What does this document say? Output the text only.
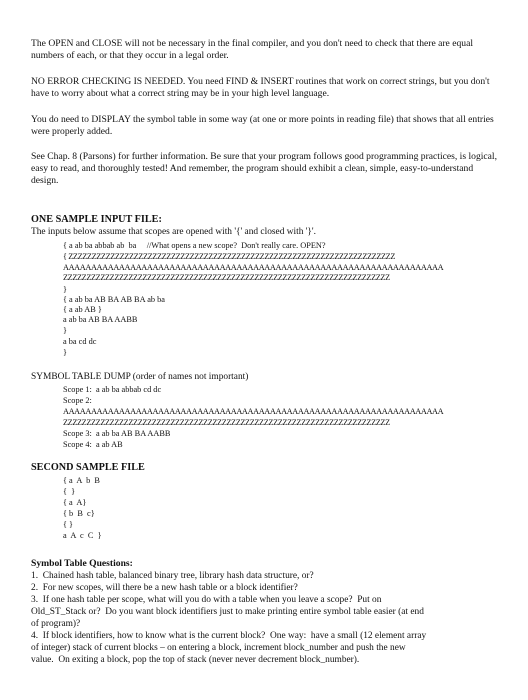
The OPEN and CLOSE will not be necessary in the final compiler, and you don't need to check that there are equal numbers of each, or that they occur in a legal order.
NO ERROR CHECKING IS NEEDED. You need FIND & INSERT routines that work on correct strings, but you don't have to worry about what a correct string may be in your high level language.
You do need to DISPLAY the symbol table in some way (at one or more points in reading file) that shows that all entries were properly added.
See Chap. 8 (Parsons) for further information. Be sure that your program follows good programming practices, is logical, easy to read, and thoroughly tested! And remember, the program should exhibit a clean, simple, easy-to-understand design.
ONE SAMPLE INPUT FILE:
The inputs below assume that scopes are opened with '{' and closed with '}'.
{ a ab ba abbab ab  ba     //What opens a new scope?  Don't really care. OPEN?
{ ZZZZZZZZZZZZZZZZZZZZZZZZZZZZZZZZZZZZZZZZZZZZZZZZZZZZZZZZZZZZZZZZZZZZZZ
AAAAAAAAAAAAAAAAAAAAAAAAAAAAAAAAAAAAAAAAAAAAAAAAAAAAAAAAAAAAAAAAAAAA
ZZZZZZZZZZZZZZZZZZZZZZZZZZZZZZZZZZZZZZZZZZZZZZZZZZZZZZZZZZZZZZZZZZZZZZ
}
{ a ab ba AB BA AB BA ab ba
{ a ab AB }
a ab ba AB BA AABB
}
a ba cd dc
}
SYMBOL TABLE DUMP (order of names not important)
Scope 1:  a ab ba abbab cd dc
Scope 2:
AAAAAAAAAAAAAAAAAAAAAAAAAAAAAAAAAAAAAAAAAAAAAAAAAAAAAAAAAAAAAAAAAAAA
ZZZZZZZZZZZZZZZZZZZZZZZZZZZZZZZZZZZZZZZZZZZZZZZZZZZZZZZZZZZZZZZZZZZZZZ
Scope 3:  a ab ba AB BA AABB
Scope 4:  a ab AB
SECOND SAMPLE FILE
{ a  A  b  B
{  }
{ a  A}
{ b  B  c}
{ }
a  A  c  C  }
Symbol Table Questions:
1.  Chained hash table, balanced binary tree, library hash data structure, or?
2.  For new scopes, will there be a new hash table or a block identifier?
3.  If one hash table per scope, what will you do with a table when you leave a scope?  Put on
Old_ST_Stack or?  Do you want block identifiers just to make printing entire symbol table easier (at end
of program)?
4.  If block identifiers, how to know what is the current block?  One way:  have a small (12 element array
of integer) stack of current blocks – on entering a block, increment block_number and push the new
value.  On exiting a block, pop the top of stack (never never decrement block_number).
